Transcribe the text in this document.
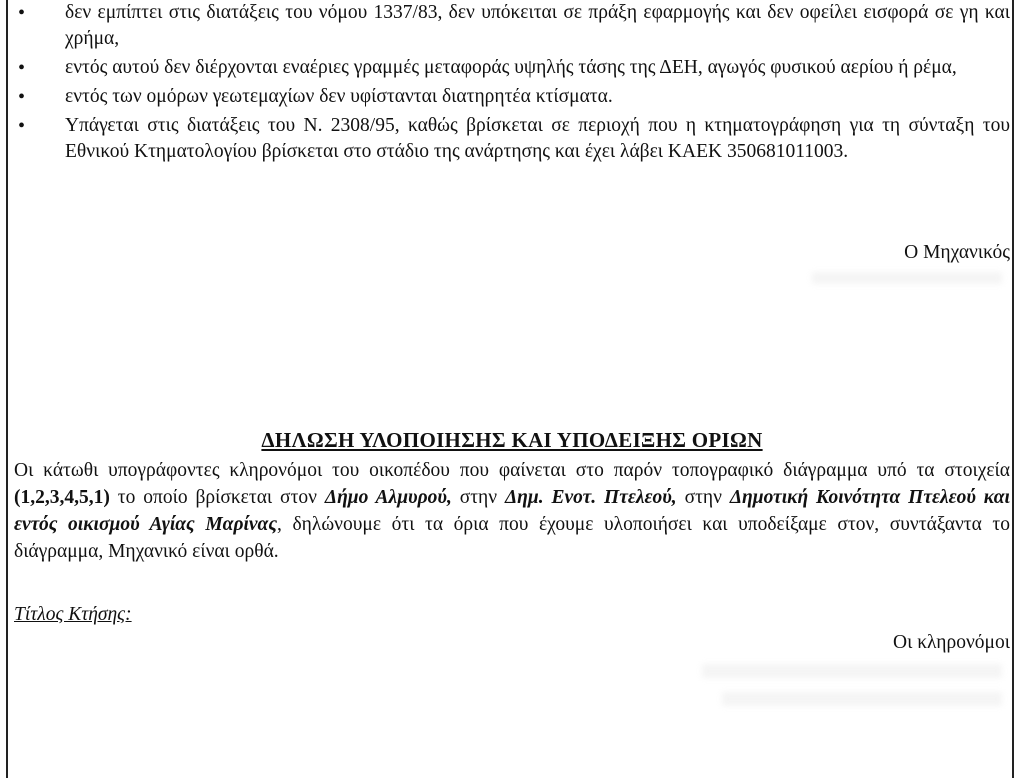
• δεν εμπίπτει στις διατάξεις του νόμου 1337/83, δεν υπόκειται σε πράξη εφαρμογής και δεν οφείλει εισφορά σε γη και χρήμα,
• εντός αυτού δεν διέρχονται εναέριες γραμμές μεταφοράς υψηλής τάσης της ΔΕΗ, αγωγός φυσικού αερίου ή ρέμα,
• εντός των ομόρων γεωτεμαχίων δεν υφίστανται διατηρητέα κτίσματα.
• Υπάγεται στις διατάξεις του Ν. 2308/95, καθώς βρίσκεται σε περιοχή που η κτηματογράφηση για τη σύνταξη του Εθνικού Κτηματολογίου βρίσκεται στο στάδιο της ανάρτησης και έχει λάβει ΚΑΕΚ 350681011003.
Ο Μηχανικός
ΔΗΛΩΣΗ ΥΛΟΠΟΙΗΣΗΣ ΚΑΙ ΥΠΟΔΕΙΞΗΣ ΟΡΙΩΝ
Οι κάτωθι υπογράφοντες κληρονόμοι του οικοπέδου που φαίνεται στο παρόν τοπογραφικό διάγραμμα υπό τα στοιχεία (1,2,3,4,5,1) το οποίο βρίσκεται στον Δήμο Αλμυρού, στην Δημ. Ενοτ. Πτελεού, στην Δημοτική Κοινότητα Πτελεού και εντός οικισμού Αγίας Μαρίνας, δηλώνουμε ότι τα όρια που έχουμε υλοποιήσει και υποδείξαμε στον, συντάξαντα το διάγραμμα, Μηχανικό είναι ορθά.
Τίτλος Κτήσης:
Οι κληρονόμοι
